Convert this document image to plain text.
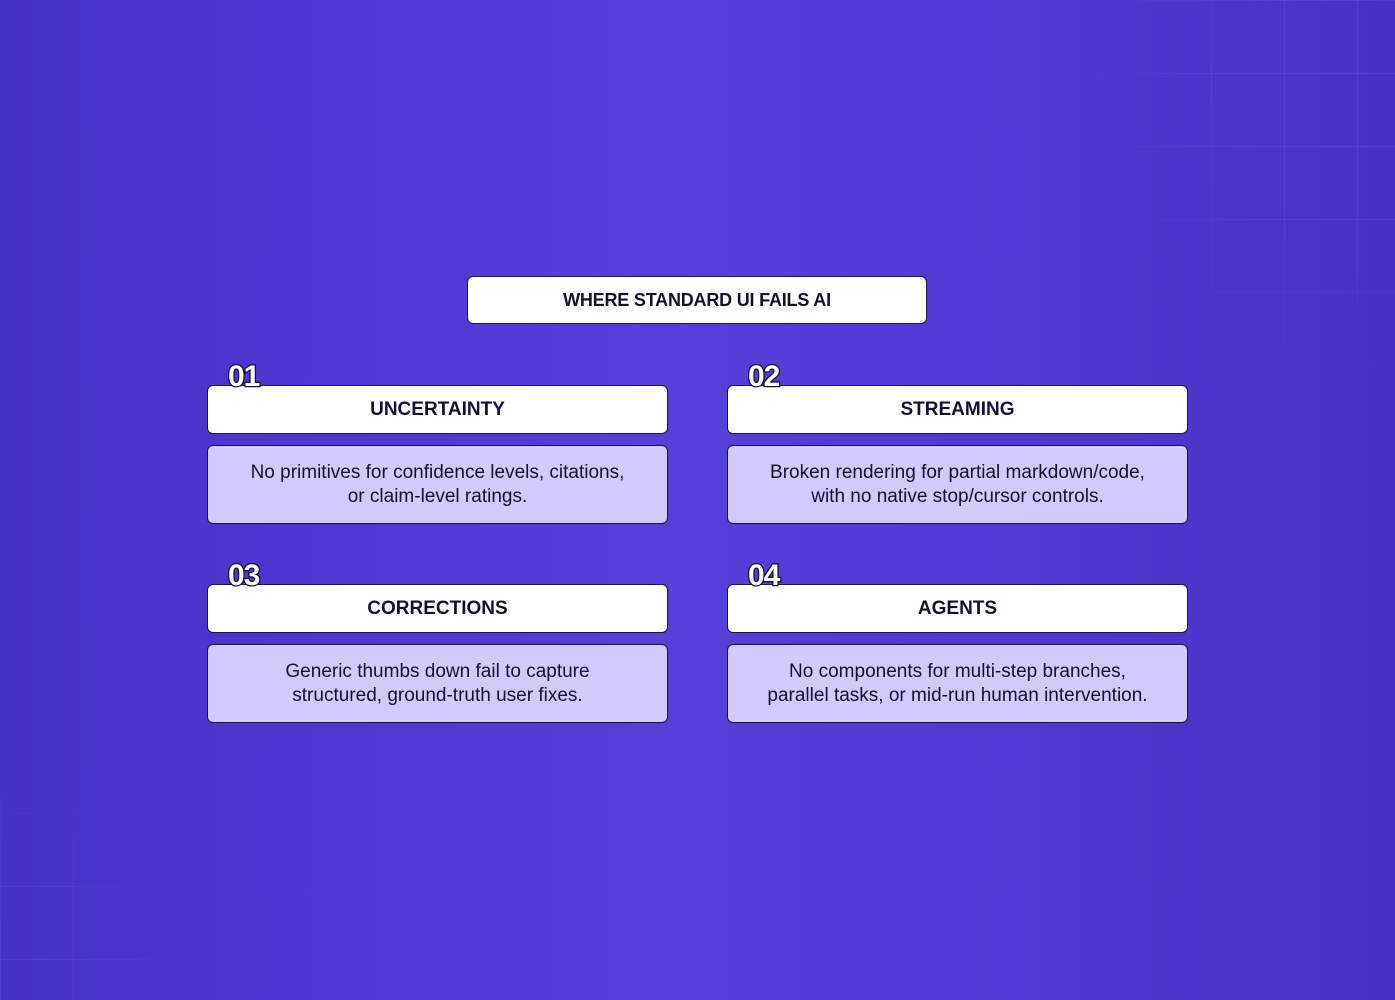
WHERE STANDARD UI FAILS AI
01
UNCERTAINTY
No primitives for confidence levels, citations,
or claim-level ratings.
02
STREAMING
Broken rendering for partial markdown/code,
with no native stop/cursor controls.
03
CORRECTIONS
Generic thumbs down fail to capture
structured, ground-truth user fixes.
04
AGENTS
No components for multi-step branches,
parallel tasks, or mid-run human intervention.
